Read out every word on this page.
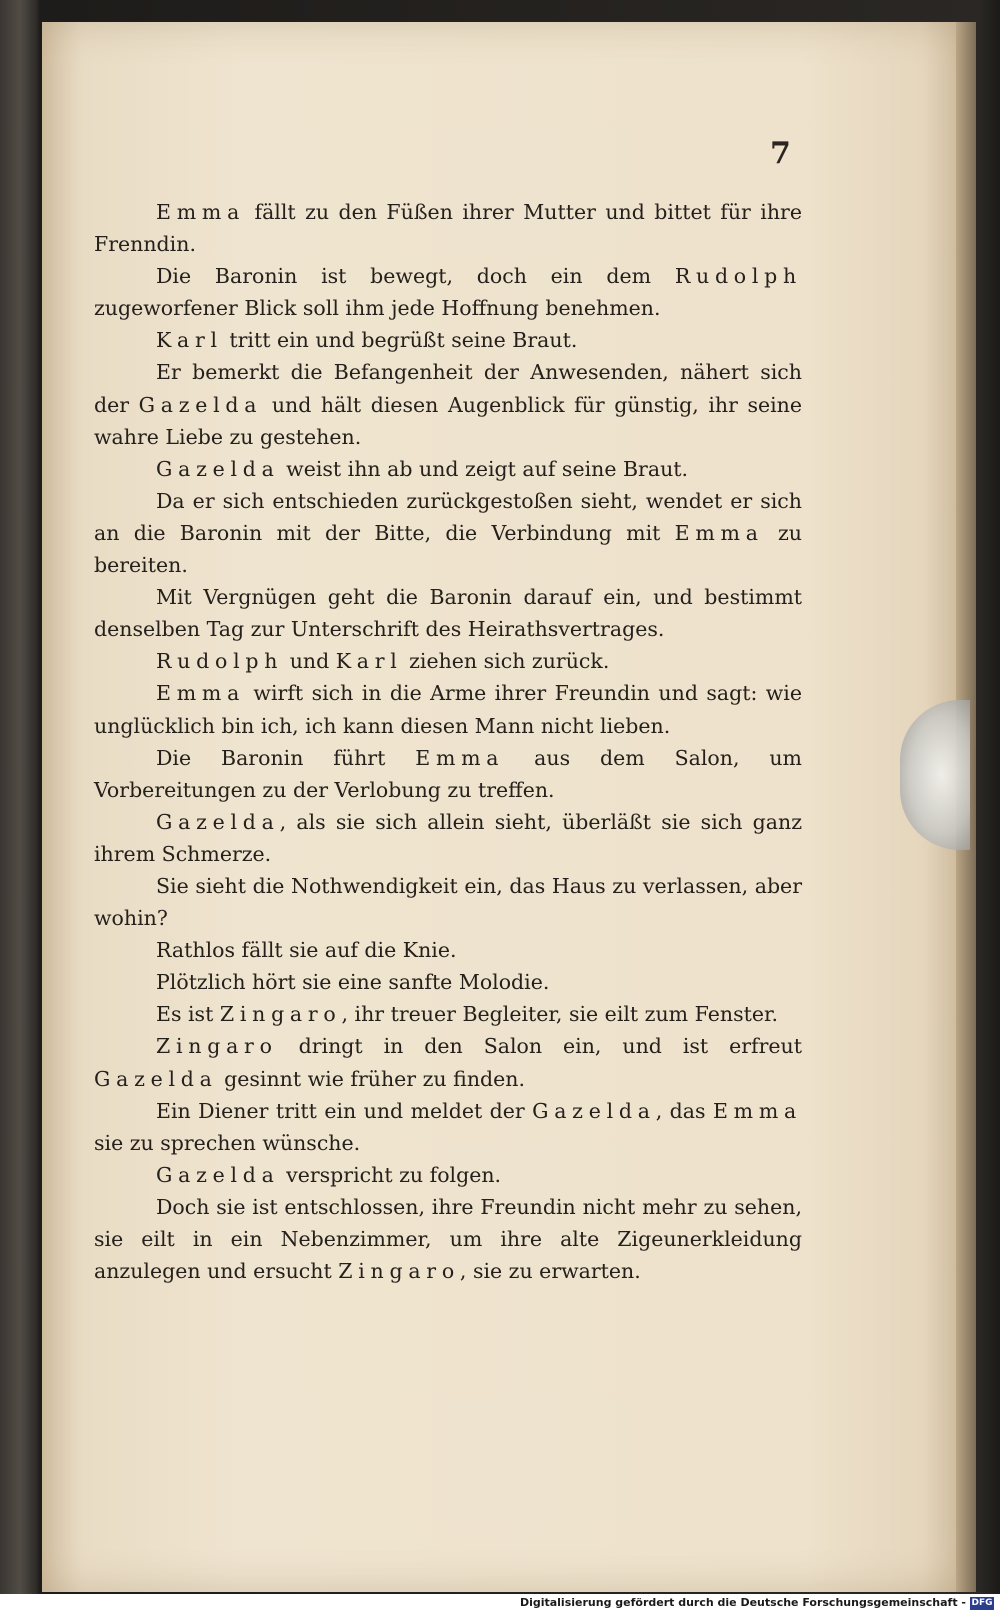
7

Emma fällt zu den Füßen ihrer Mutter und bittet für ihre Frenndin.

Die Baronin ist bewegt, doch ein dem Rudolph zugeworfener Blick soll ihm jede Hoffnung benehmen.

Karl tritt ein und begrüßt seine Braut.

Er bemerkt die Befangenheit der Anwesenden, nähert sich der Gazelda und hält diesen Augenblick für günstig, ihr seine wahre Liebe zu gestehen.

Gazelda weist ihn ab und zeigt auf seine Braut.

Da er sich entschieden zurückgestoßen sieht, wendet er sich an die Baronin mit der Bitte, die Verbindung mit Emma zu bereiten.

Mit Vergnügen geht die Baronin darauf ein, und bestimmt denselben Tag zur Unterschrift des Heirathsvertrages.

Rudolph und Karl ziehen sich zurück.

Emma wirft sich in die Arme ihrer Freundin und sagt: wie unglücklich bin ich, ich kann diesen Mann nicht lieben.

Die Baronin führt Emma aus dem Salon, um Vorbereitungen zu der Verlobung zu treffen.

Gazelda, als sie sich allein sieht, überläßt sie sich ganz ihrem Schmerze.

Sie sieht die Nothwendigkeit ein, das Haus zu verlassen, aber wohin?

Rathlos fällt sie auf die Knie.

Plötzlich hört sie eine sanfte Molodie.

Es ist Zingaro, ihr treuer Begleiter, sie eilt zum Fenster.

Zingaro dringt in den Salon ein, und ist erfreut Gazelda gesinnt wie früher zu finden.

Ein Diener tritt ein und meldet der Gazelda, das Emma sie zu sprechen wünsche.

Gazelda verspricht zu folgen.

Doch sie ist entschlossen, ihre Freundin nicht mehr zu sehen, sie eilt in ein Nebenzimmer, um ihre alte Zigeunerkleidung anzulegen und ersucht Zingaro, sie zu erwarten.

Digitalisierung gefördert durch die Deutsche Forschungsgemeinschaft - DFG
